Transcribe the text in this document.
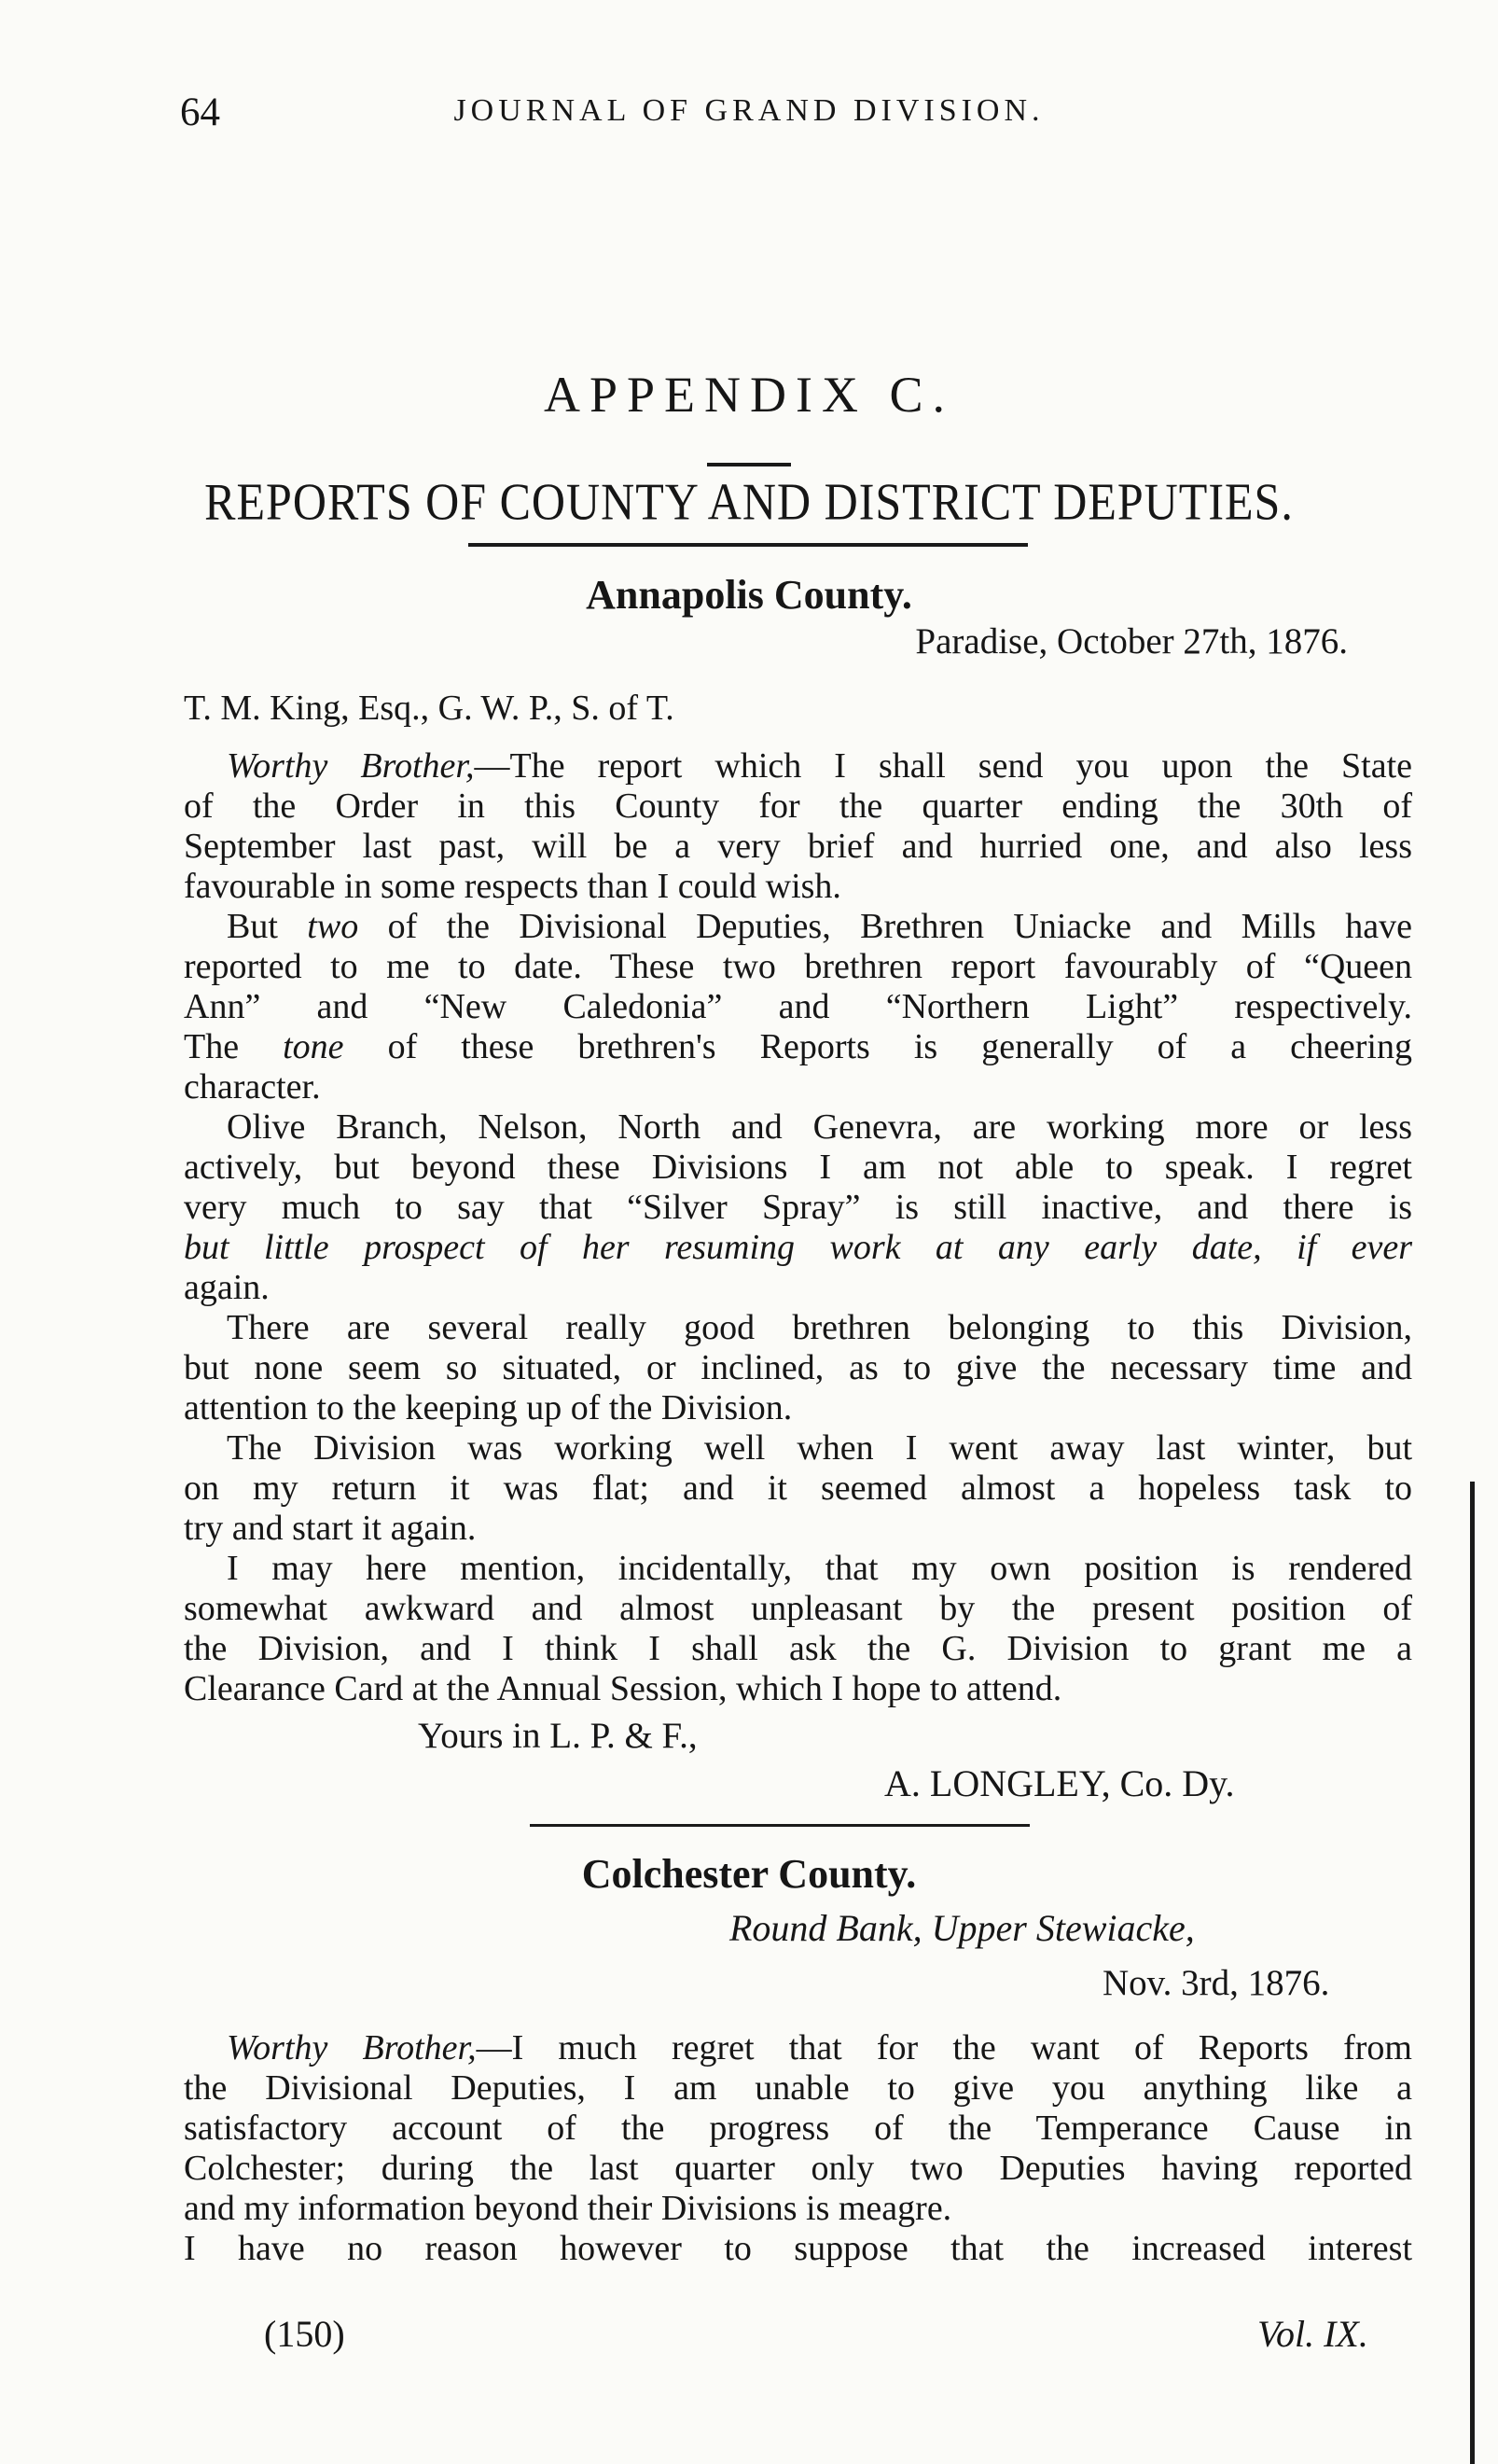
64	JOURNAL OF GRAND DIVISION.
APPENDIX C.
REPORTS OF COUNTY AND DISTRICT DEPUTIES.
Annapolis County.
Paradise, October 27th, 1876.
T. M. King, Esq., G. W. P., S. of T.
Worthy Brother,—The report which I shall send you upon the State
of the Order in this County for the quarter ending the 30th of
September last past, will be a very brief and hurried one, and also less
favourable in some respects than I could wish.
But two of the Divisional Deputies, Brethren Uniacke and Mills have
reported to me to date. These two brethren report favourably of “Queen
Ann” and “New Caledonia” and “Northern Light” respectively.
The tone of these brethren's Reports is generally of a cheering
character.
Olive Branch, Nelson, North and Genevra, are working more or less
actively, but beyond these Divisions I am not able to speak. I regret
very much to say that “Silver Spray” is still inactive, and there is
but little prospect of her resuming work at any early date, if ever
again.
There are several really good brethren belonging to this Division,
but none seem so situated, or inclined, as to give the necessary time and
attention to the keeping up of the Division.
The Division was working well when I went away last winter, but
on my return it was flat; and it seemed almost a hopeless task to
try and start it again.
I may here mention, incidentally, that my own position is rendered
somewhat awkward and almost unpleasant by the present position of
the Division, and I think I shall ask the G. Division to grant me a
Clearance Card at the Annual Session, which I hope to attend.
Yours in L. P. & F.,
A. LONGLEY, Co. Dy.
Colchester County.
Round Bank, Upper Stewiacke,
Nov. 3rd, 1876.
Worthy Brother,—I much regret that for the want of Reports from
the Divisional Deputies, I am unable to give you anything like a
satisfactory account of the progress of the Temperance Cause in
Colchester; during the last quarter only two Deputies having reported
and my information beyond their Divisions is meagre.
I have no reason however to suppose that the increased interest
(150)	Vol. IX.
